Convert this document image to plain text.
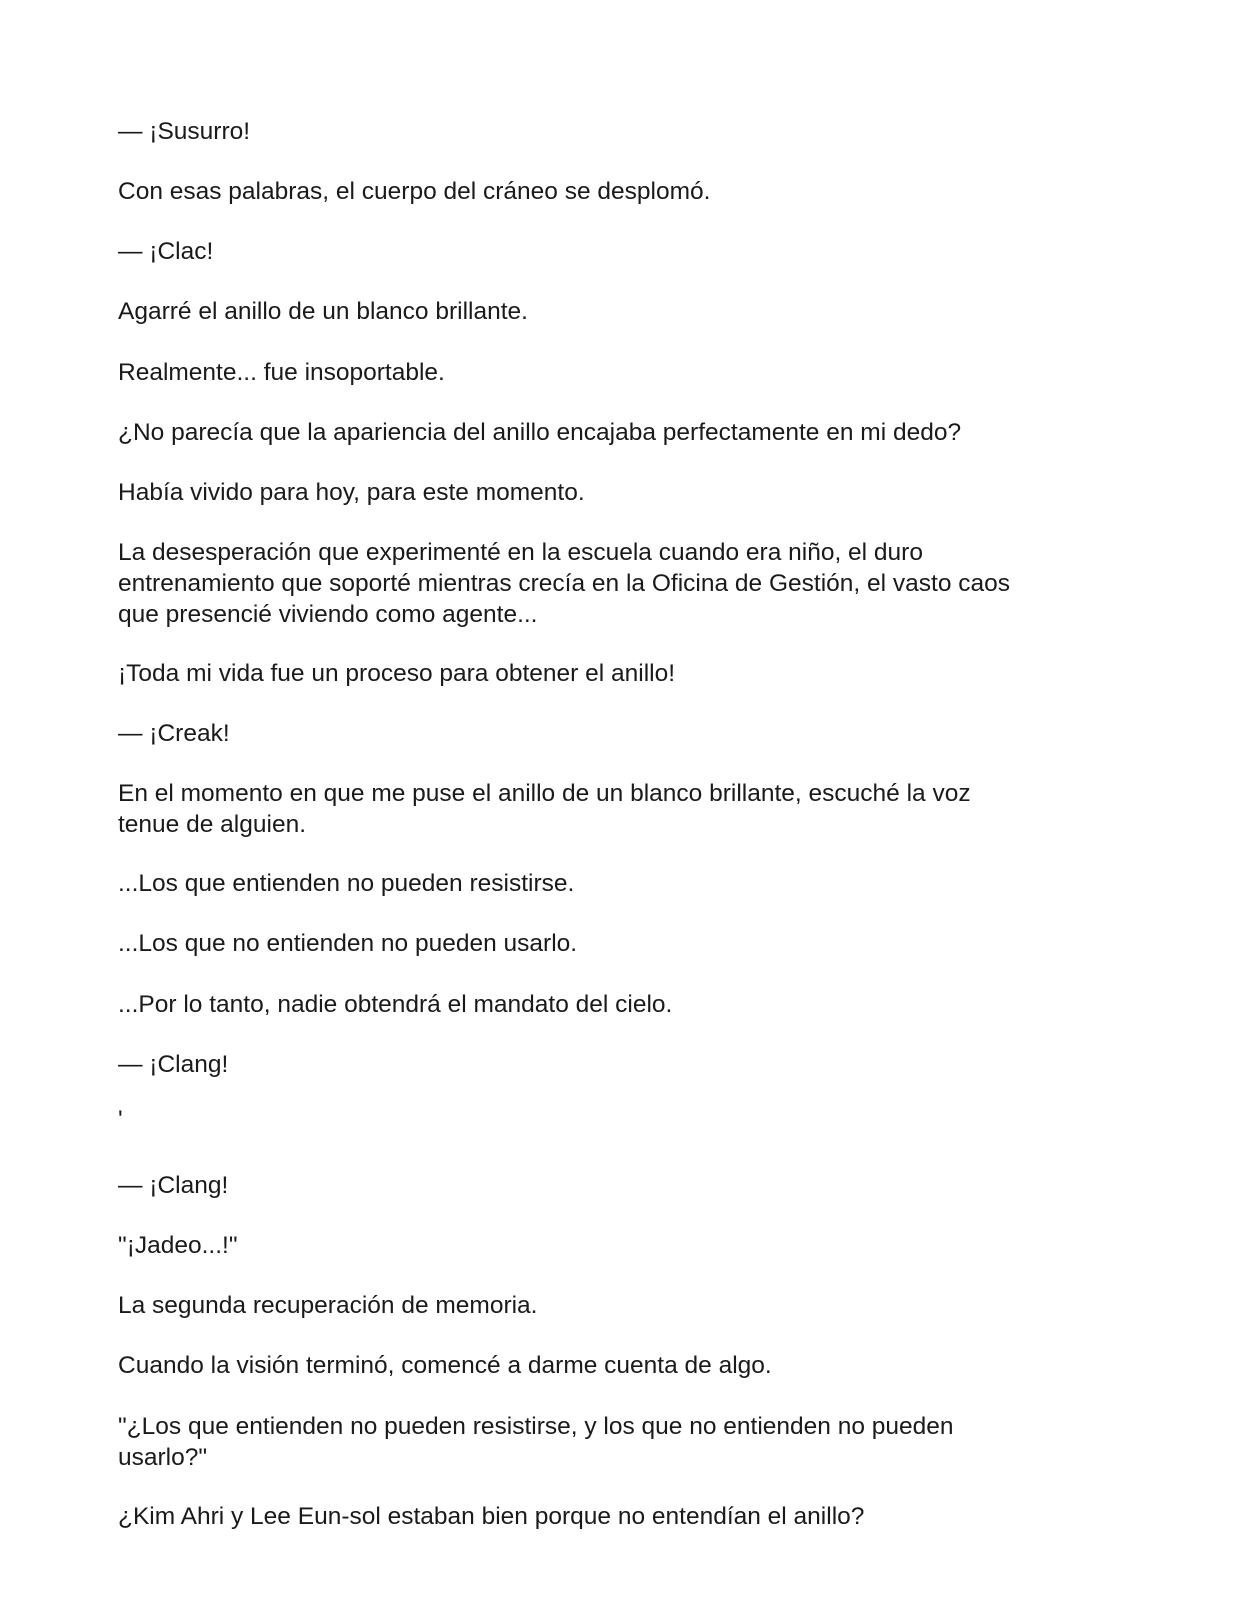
— ¡Susurro!

Con esas palabras, el cuerpo del cráneo se desplomó.

— ¡Clac!

Agarré el anillo de un blanco brillante.

Realmente... fue insoportable.

¿No parecía que la apariencia del anillo encajaba perfectamente en mi dedo?

Había vivido para hoy, para este momento.

La desesperación que experimenté en la escuela cuando era niño, el duro
entrenamiento que soporté mientras crecía en la Oficina de Gestión, el vasto caos
que presencié viviendo como agente...

¡Toda mi vida fue un proceso para obtener el anillo!

— ¡Creak!

En el momento en que me puse el anillo de un blanco brillante, escuché la voz
tenue de alguien.

...Los que entienden no pueden resistirse.

...Los que no entienden no pueden usarlo.

...Por lo tanto, nadie obtendrá el mandato del cielo.

— ¡Clang!

'

— ¡Clang!

"¡Jadeo...!"

La segunda recuperación de memoria.

Cuando la visión terminó, comencé a darme cuenta de algo.

"¿Los que entienden no pueden resistirse, y los que no entienden no pueden
usarlo?"

¿Kim Ahri y Lee Eun-sol estaban bien porque no entendían el anillo?
